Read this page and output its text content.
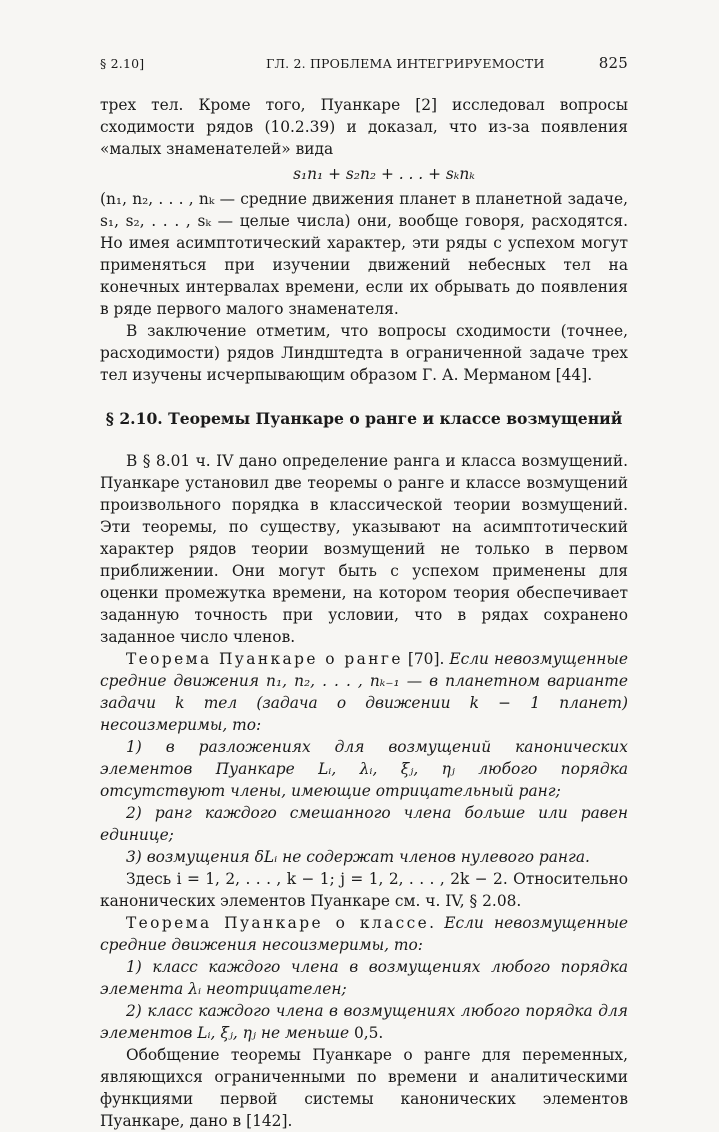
§ 2.10]	ГЛ. 2. ПРОБЛЕМА ИНТЕГРИРУЕМОСТИ	825

трех тел. Кроме того, Пуанкаре [2] исследовал вопросы сходимости рядов (10.2.39) и доказал, что из-за появления «малых знаменателей» вида

s₁n₁ + s₂n₂ + . . . + sₖnₖ

(n₁, n₂, . . . , nₖ — средние движения планет в планетной задаче, s₁, s₂, . . . , sₖ — целые числа) они, вообще говоря, расходятся. Но имея асимптотический характер, эти ряды с успехом могут применяться при изучении движений небесных тел на конечных интервалах времени, если их обрывать до появления в ряде первого малого знаменателя.

В заключение отметим, что вопросы сходимости (точнее, расходимости) рядов Линдштедта в ограниченной задаче трех тел изучены исчерпывающим образом Г. А. Мерманом [44].

§ 2.10. Теоремы Пуанкаре о ранге и классе возмущений

В § 8.01 ч. IV дано определение ранга и класса возмущений. Пуанкаре установил две теоремы о ранге и классе возмущений произвольного порядка в классической теории возмущений. Эти теоремы, по существу, указывают на асимптотический характер рядов теории возмущений не только в первом приближении. Они могут быть с успехом применены для оценки промежутка времени, на котором теория обеспечивает заданную точность при условии, что в рядах сохранено заданное число членов.

Теорема Пуанкаре о ранге [70]. Если невозмущенные средние движения n₁, n₂, . . . , nₖ₋₁ — в планетном варианте задачи k тел (задача о движении k − 1 планет) несоизмеримы, то:

1) в разложениях для возмущений канонических элементов Пуанкаре Lᵢ, λᵢ, ξⱼ, ηⱼ любого порядка отсутствуют члены, имеющие отрицательный ранг;

2) ранг каждого смешанного члена больше или равен единице;

3) возмущения δLᵢ не содержат членов нулевого ранга.

Здесь i = 1, 2, . . . , k − 1; j = 1, 2, . . . , 2k − 2. Относительно канонических элементов Пуанкаре см. ч. IV, § 2.08.

Теорема Пуанкаре о классе. Если невозмущенные средние движения несоизмеримы, то:

1) класс каждого члена в возмущениях любого порядка элемента λᵢ неотрицателен;

2) класс каждого члена в возмущениях любого порядка для элементов Lᵢ, ξⱼ, ηⱼ не меньше 0,5.

Обобщение теоремы Пуанкаре о ранге для переменных, являющихся ограниченными по времени и аналитическими функциями первой системы канонических элементов Пуанкаре, дано в [142].
